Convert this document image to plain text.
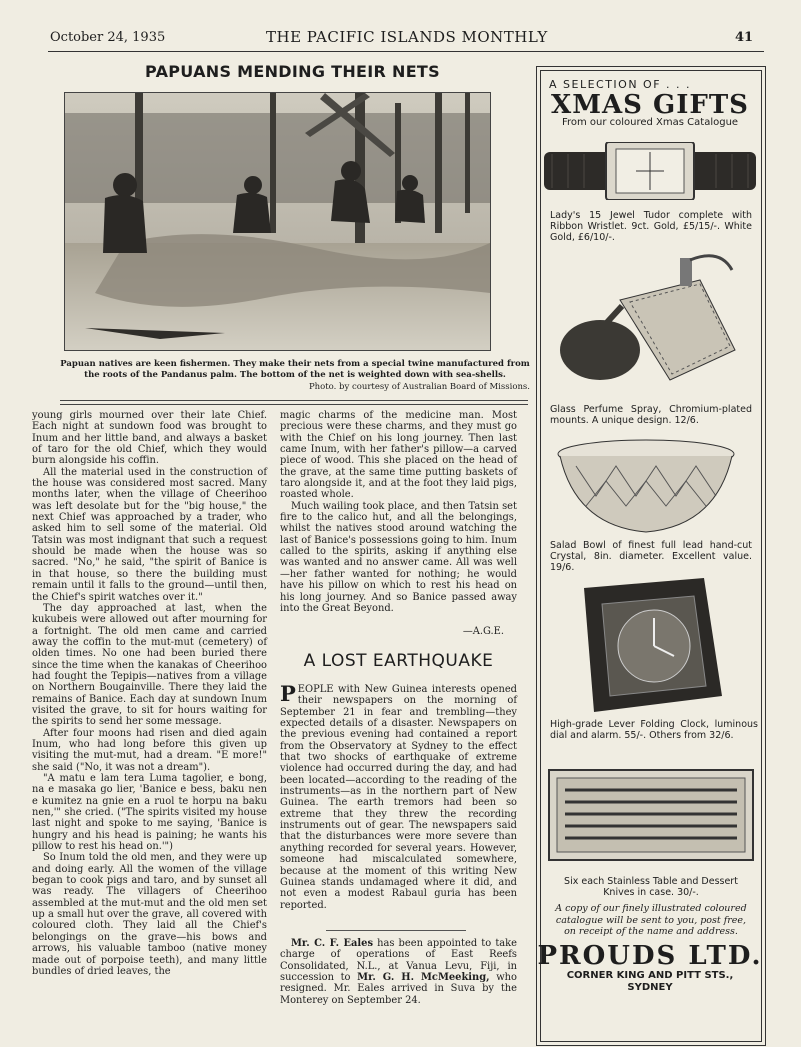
October 24, 1935	THE PACIFIC ISLANDS MONTHLY	41
PAPUANS MENDING THEIR NETS
Papuan natives are keen fishermen. They make their nets from a special twine manufactured from the roots of the Pandanus palm. The bottom of the net is weighted down with sea-shells.
Photo. by courtesy of Australian Board of Missions.

young girls mourned over their late Chief. Each night at sundown food was brought to Inum and her little band, and always a basket of taro for the old Chief, which they would burn alongside his coffin.

All the material used in the construction of the house was considered most sacred. Many months later, when the village of Cheerihoo was left desolate but for the "big house," the next Chief was approached by a trader, who asked him to sell some of the material. Old Tatsin was most indignant that such a request should be made when the house was so sacred. "No," he said, "the spirit of Banice is in that house, so there the building must remain until it falls to the ground—until then, the Chief's spirit watches over it."

The day approached at last, when the kukubeis were allowed out after mourning for a fortnight. The old men came and carried away the coffin to the mut-mut (cemetery) of olden times. No one had been buried there since the time when the kanakas of Cheerihoo had fought the Tepipis—natives from a village on Northern Bougainville. There they laid the remains of Banice. Each day at sundown Inum visited the grave, to sit for hours waiting for the spirits to send her some message.

After four moons had risen and died again Inum, who had long before this given up visiting the mut-mut, had a dream. "E more!" she said ("No, it was not a dream").

"A matu e lam tera Luma tagolier, e bong, na e masaka go lier, 'Banice e bess, baku nen e kumitez na gnie en a ruol te horpu na baku nen,'" she cried. ("The spirits visited my house last night and spoke to me saying, 'Banice is hungry and his head is paining; he wants his pillow to rest his head on.'")

So Inum told the old men, and they were up and doing early. All the women of the village began to cook pigs and taro, and by sunset all was ready. The villagers of Cheerihoo assembled at the mut-mut and the old men set up a small hut over the grave, all covered with coloured cloth. They laid all the Chief's belongings on the grave—his bows and arrows, his valuable tamboo (native money made out of porpoise teeth), and many little bundles of dried leaves, the

magic charms of the medicine man. Most precious were these charms, and they must go with the Chief on his long journey. Then last came Inum, with her father's pillow—a carved piece of wood. This she placed on the head of the grave, at the same time putting baskets of taro alongside it, and at the foot they laid pigs, roasted whole.

Much wailing took place, and then Tatsin set fire to the calico hut, and all the belongings, whilst the natives stood around watching the last of Banice's possessions going to him. Inum called to the spirits, asking if anything else was wanted and no answer came. All was well—her father wanted for nothing; he would have his pillow on which to rest his head on his long journey. And so Banice passed away into the Great Beyond.

—A.G.E.
A LOST EARTHQUAKE
PEOPLE with New Guinea interests opened their newspapers on the morning of September 21 in fear and trembling—they expected details of a disaster. Newspapers on the previous evening had contained a report from the Observatory at Sydney to the effect that two shocks of earthquake of extreme violence had occurred during the day, and had been located—according to the reading of the instruments—as in the northern part of New Guinea. The earth tremors had been so extreme that they threw the recording instruments out of gear. The newspapers said that the disturbances were more severe than anything recorded for several years. However, someone had miscalculated somewhere, because at the moment of this writing New Guinea stands undamaged where it did, and not even a modest Rabaul guria has been reported.

Mr. C. F. Eales has been appointed to take charge of operations of East Reefs Consolidated, N.L., at Vanua Levu, Fiji, in succession to Mr. G. H. McMeeking, who resigned. Mr. Eales arrived in Suva by the Monterey on September 24.

A SELECTION OF . . .
XMAS GIFTS
From our coloured Xmas Catalogue
Lady's 15 Jewel Tudor complete with Ribbon Wristlet. 9ct. Gold, £5/15/-. White Gold, £6/10/-.
Glass Perfume Spray, Chromium-plated mounts. A unique design. 12/6.
Salad Bowl of finest full lead hand-cut Crystal, 8in. diameter. Excellent value. 19/6.
High-grade Lever Folding Clock, luminous dial and alarm. 55/-. Others from 32/6.
Six each Stainless Table and Dessert Knives in case. 30/-.
A copy of our finely illustrated coloured catalogue will be sent to you, post free, on receipt of the name and address.
PROUDS LTD.
CORNER KING AND PITT STS.,
SYDNEY
